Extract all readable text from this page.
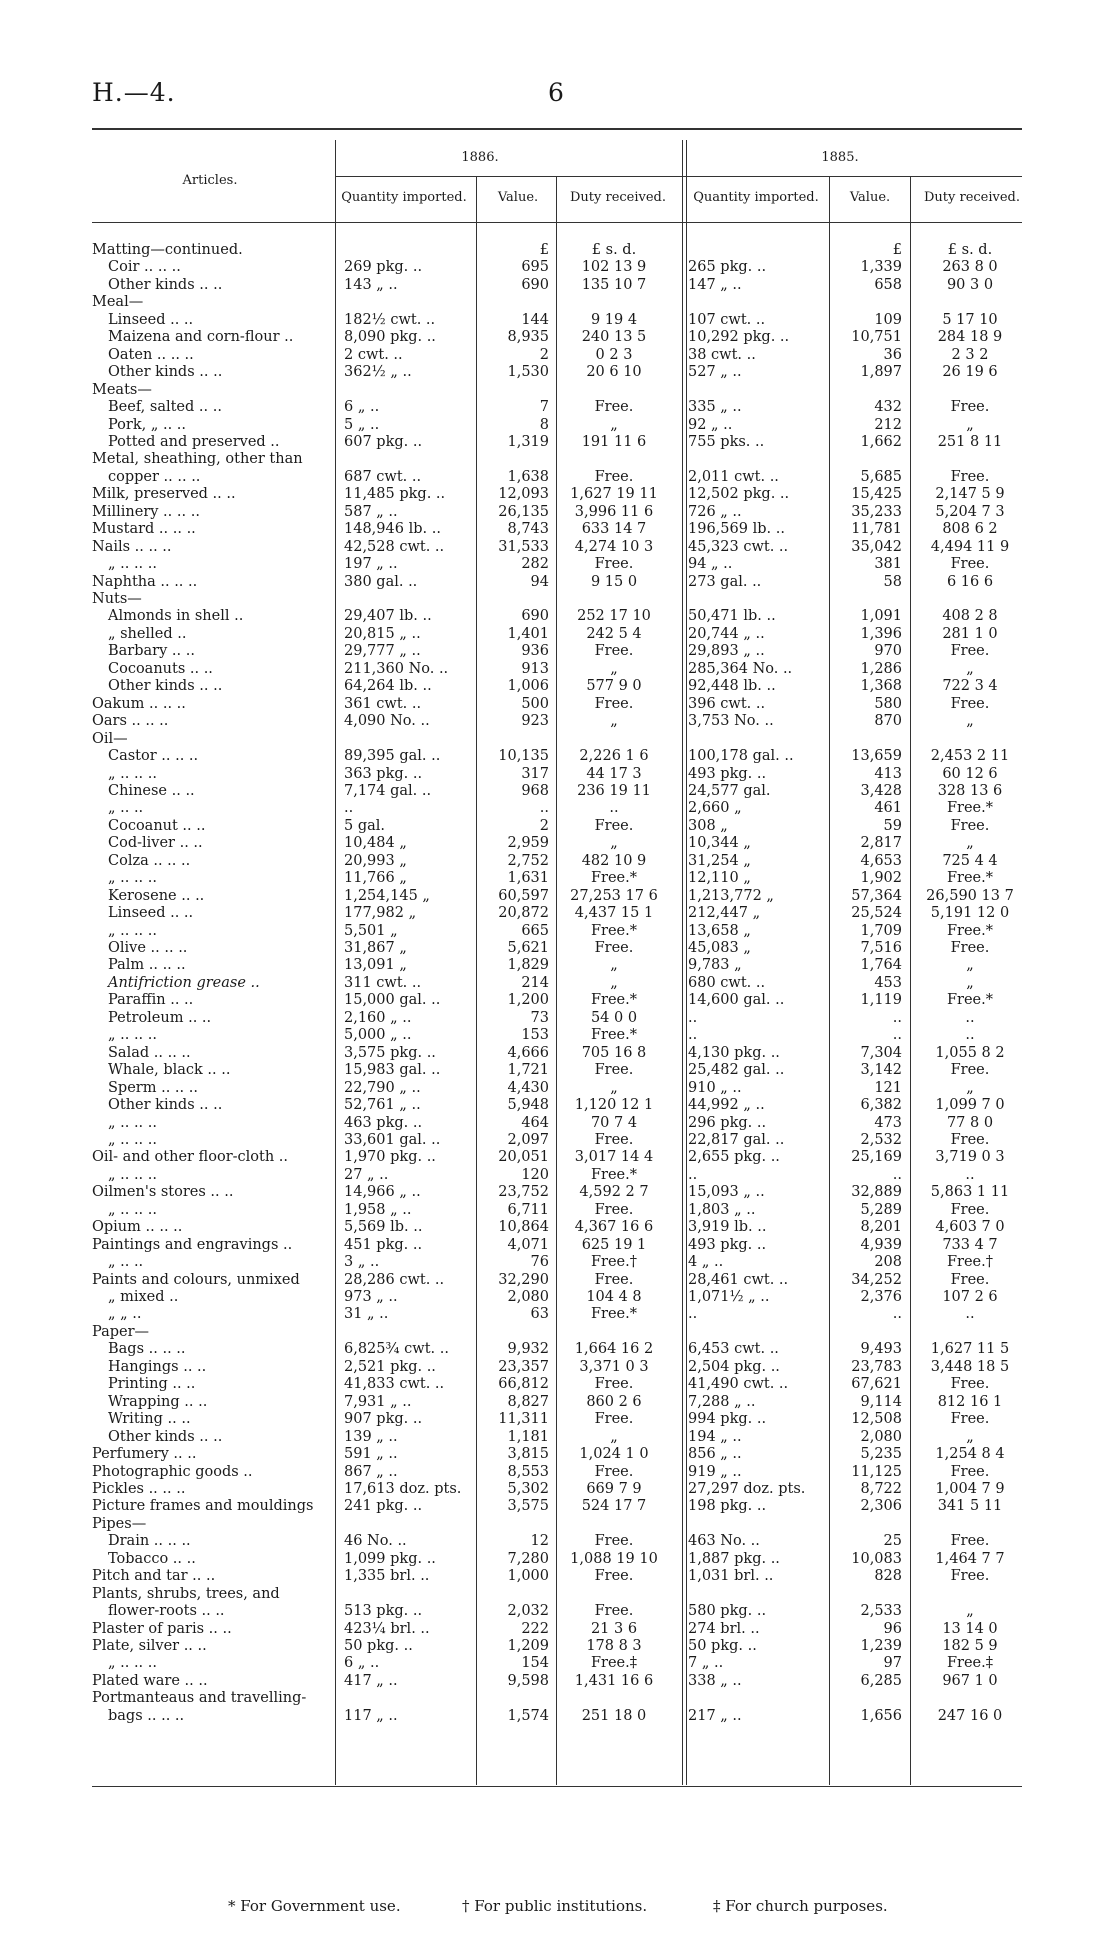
H.—4.	6
Articles.
1886.	1885.
Quantity imported.	Value.	Duty received.	Quantity imported.	Value.	Duty received.
Matting—continued.	£	£ s. d.	£	£ s. d.
Coir .. .. ..	269 pkg. ..	695	102 13 9	265 pkg. ..	1,339	263 8 0
Other kinds .. ..	143 „ ..	690	135 10 7	147 „ ..	658	90 3 0
Meal—
Linseed .. ..	182½ cwt. ..	144	9 19 4	107 cwt. ..	109	5 17 10
Maizena and corn-flour ..	8,090 pkg. ..	8,935	240 13 5	10,292 pkg. ..	10,751	284 18 9
Oaten .. .. ..	2 cwt. ..	2	0 2 3	38 cwt. ..	36	2 3 2
Other kinds .. ..	362½ „ ..	1,530	20 6 10	527 „ ..	1,897	26 19 6
Meats—
Beef, salted .. ..	6 „ ..	7	Free.	335 „ ..	432	Free.
Pork, „ .. ..	5 „ ..	8	„	92 „ ..	212	„
Potted and preserved ..	607 pkg. ..	1,319	191 11 6	755 pks. ..	1,662	251 8 11
Metal, sheathing, other than
copper .. .. ..	687 cwt. ..	1,638	Free.	2,011 cwt. ..	5,685	Free.
Milk, preserved .. ..	11,485 pkg. ..	12,093	1,627 19 11	12,502 pkg. ..	15,425	2,147 5 9
Millinery .. .. ..	587 „ ..	26,135	3,996 11 6	726 „ ..	35,233	5,204 7 3
Mustard .. .. ..	148,946 lb. ..	8,743	633 14 7	196,569 lb. ..	11,781	808 6 2
Nails .. .. ..	42,528 cwt. ..	31,533	4,274 10 3	45,323 cwt. ..	35,042	4,494 11 9
„ .. .. ..	197 „ ..	282	Free.	94 „ ..	381	Free.
Naphtha .. .. ..	380 gal. ..	94	9 15 0	273 gal. ..	58	6 16 6
Nuts—
Almonds in shell ..	29,407 lb. ..	690	252 17 10	50,471 lb. ..	1,091	408 2 8
„ shelled ..	20,815 „ ..	1,401	242 5 4	20,744 „ ..	1,396	281 1 0
Barbary .. ..	29,777 „ ..	936	Free.	29,893 „ ..	970	Free.
Cocoanuts .. ..	211,360 No. ..	913	„	285,364 No. ..	1,286	„
Other kinds .. ..	64,264 lb. ..	1,006	577 9 0	92,448 lb. ..	1,368	722 3 4
Oakum .. .. ..	361 cwt. ..	500	Free.	396 cwt. ..	580	Free.
Oars .. .. ..	4,090 No. ..	923	„	3,753 No. ..	870	„
Oil—
Castor .. .. ..	89,395 gal. ..	10,135	2,226 1 6	100,178 gal. ..	13,659	2,453 2 11
„ .. .. ..	363 pkg. ..	317	44 17 3	493 pkg. ..	413	60 12 6
Chinese .. ..	7,174 gal. ..	968	236 19 11	24,577 gal.	3,428	328 13 6
„ .. ..	..	..	..	2,660 „	461	Free.*
Cocoanut .. ..	5 gal.	2	Free.	308 „	59	Free.
Cod-liver .. ..	10,484 „	2,959	„	10,344 „	2,817	„
Colza .. .. ..	20,993 „	2,752	482 10 9	31,254 „	4,653	725 4 4
„ .. .. ..	11,766 „	1,631	Free.*	12,110 „	1,902	Free.*
Kerosene .. ..	1,254,145 „	60,597	27,253 17 6	1,213,772 „	57,364	26,590 13 7
Linseed .. ..	177,982 „	20,872	4,437 15 1	212,447 „	25,524	5,191 12 0
„ .. .. ..	5,501 „	665	Free.*	13,658 „	1,709	Free.*
Olive .. .. ..	31,867 „	5,621	Free.	45,083 „	7,516	Free.
Palm .. .. ..	13,091 „	1,829	„	9,783 „	1,764	„
Antifriction grease ..	311 cwt. ..	214	„	680 cwt. ..	453	„
Paraffin .. ..	15,000 gal. ..	1,200	Free.*	14,600 gal. ..	1,119	Free.*
Petroleum .. ..	2,160 „ ..	73	54 0 0	..	..	..
„ .. .. ..	5,000 „ ..	153	Free.*	..	..	..
Salad .. .. ..	3,575 pkg. ..	4,666	705 16 8	4,130 pkg. ..	7,304	1,055 8 2
Whale, black .. ..	15,983 gal. ..	1,721	Free.	25,482 gal. ..	3,142	Free.
Sperm .. .. ..	22,790 „ ..	4,430	„	910 „ ..	121	„
Other kinds .. ..	52,761 „ ..	5,948	1,120 12 1	44,992 „ ..	6,382	1,099 7 0
„ .. .. ..	463 pkg. ..	464	70 7 4	296 pkg. ..	473	77 8 0
„ .. .. ..	33,601 gal. ..	2,097	Free.	22,817 gal. ..	2,532	Free.
Oil- and other floor-cloth ..	1,970 pkg. ..	20,051	3,017 14 4	2,655 pkg. ..	25,169	3,719 0 3
„ .. .. ..	27 „ ..	120	Free.*	..	..	..
Oilmen's stores .. ..	14,966 „ ..	23,752	4,592 2 7	15,093 „ ..	32,889	5,863 1 11
„ .. .. ..	1,958 „ ..	6,711	Free.	1,803 „ ..	5,289	Free.
Opium .. .. ..	5,569 lb. ..	10,864	4,367 16 6	3,919 lb. ..	8,201	4,603 7 0
Paintings and engravings ..	451 pkg. ..	4,071	625 19 1	493 pkg. ..	4,939	733 4 7
„ .. ..	3 „ ..	76	Free.†	4 „ ..	208	Free.†
Paints and colours, unmixed	28,286 cwt. ..	32,290	Free.	28,461 cwt. ..	34,252	Free.
„ mixed ..	973 „ ..	2,080	104 4 8	1,071½ „ ..	2,376	107 2 6
„ „ ..	31 „ ..	63	Free.*	..	..	..
Paper—
Bags .. .. ..	6,825¾ cwt. ..	9,932	1,664 16 2	6,453 cwt. ..	9,493	1,627 11 5
Hangings .. ..	2,521 pkg. ..	23,357	3,371 0 3	2,504 pkg. ..	23,783	3,448 18 5
Printing .. ..	41,833 cwt. ..	66,812	Free.	41,490 cwt. ..	67,621	Free.
Wrapping .. ..	7,931 „ ..	8,827	860 2 6	7,288 „ ..	9,114	812 16 1
Writing .. ..	907 pkg. ..	11,311	Free.	994 pkg. ..	12,508	Free.
Other kinds .. ..	139 „ ..	1,181	„	194 „ ..	2,080	„
Perfumery .. ..	591 „ ..	3,815	1,024 1 0	856 „ ..	5,235	1,254 8 4
Photographic goods ..	867 „ ..	8,553	Free.	919 „ ..	11,125	Free.
Pickles .. .. ..	17,613 doz. pts.	5,302	669 7 9	27,297 doz. pts.	8,722	1,004 7 9
Picture frames and mouldings	241 pkg. ..	3,575	524 17 7	198 pkg. ..	2,306	341 5 11
Pipes—
Drain .. .. ..	46 No. ..	12	Free.	463 No. ..	25	Free.
Tobacco .. ..	1,099 pkg. ..	7,280	1,088 19 10	1,887 pkg. ..	10,083	1,464 7 7
Pitch and tar .. ..	1,335 brl. ..	1,000	Free.	1,031 brl. ..	828	Free.
Plants, shrubs, trees, and
flower-roots .. ..	513 pkg. ..	2,032	Free.	580 pkg. ..	2,533	„
Plaster of paris .. ..	423¼ brl. ..	222	21 3 6	274 brl. ..	96	13 14 0
Plate, silver .. ..	50 pkg. ..	1,209	178 8 3	50 pkg. ..	1,239	182 5 9
„ .. .. ..	6 „ ..	154	Free.‡	7 „ ..	97	Free.‡
Plated ware .. ..	417 „ ..	9,598	1,431 16 6	338 „ ..	6,285	967 1 0
Portmanteaus and travelling-
bags .. .. ..	117 „ ..	1,574	251 18 0	217 „ ..	1,656	247 16 0
* For Government use.	† For public institutions.	‡ For church purposes.
